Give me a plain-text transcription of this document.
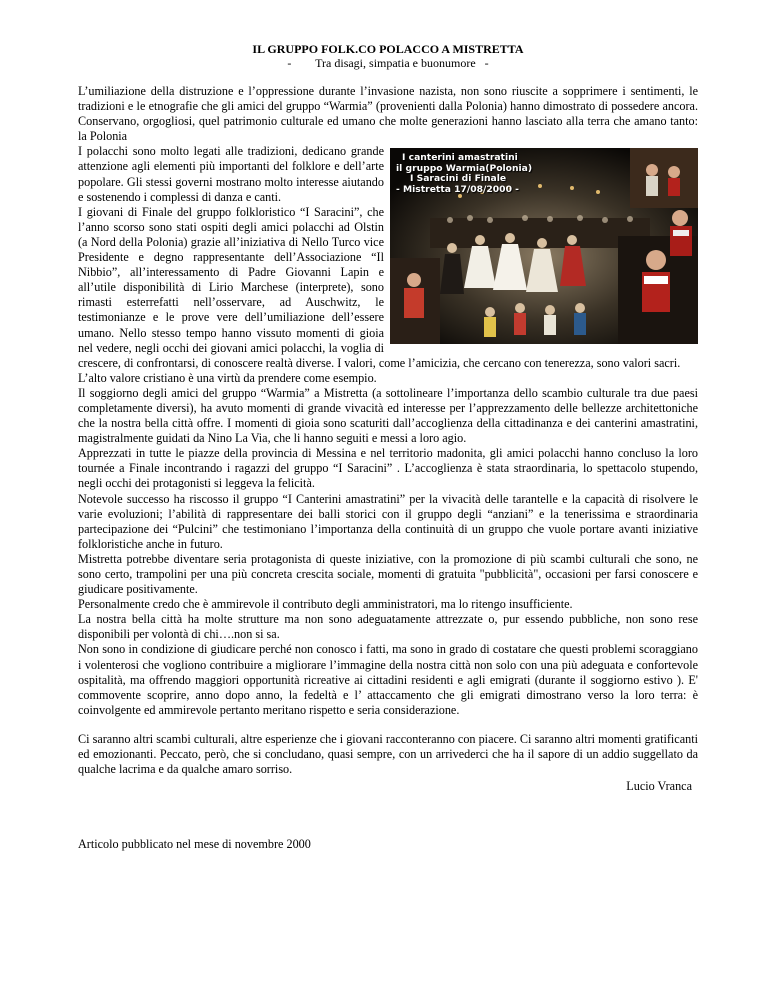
IL GRUPPO FOLK.CO POLACCO A MISTRETTA

-        Tra disagi, simpatia e buonumore   -

L’umiliazione della distruzione e l’oppressione durante l’invasione nazista, non sono riuscite a sopprimere i sentimenti, le tradizioni e le etnografie che gli amici del gruppo “Warmia” (provenienti dalla Polonia) hanno dimostrato di possedere ancora. Conservano, orgogliosi, quel patrimonio culturale ed umano che molte generazioni hanno lasciato alla terra che amano tanto: la Polonia

I canterini amastratini
il gruppo Warmia(Polonia)
I Saracini di Finale
- Mistretta 17/08/2000 -

I polacchi sono molto legati alle tradizioni, dedicano grande attenzione agli elementi più importanti del folklore e dell’arte popolare. Gli stessi governi mostrano molto interesse aiutando e sostenendo i complessi di danza e canti.

I giovani di Finale del gruppo folkloristico “I Saracini”, che l’anno scorso sono stati ospiti degli amici polacchi ad Olstin (a Nord della Polonia) grazie all’iniziativa di Nello Turco vice Presidente e degno rappresentante dell’Associazione “Il Nibbio”, all’interessamento di Padre Giovanni Lapin e all’utile disponibilità di Lirio Marchese (interprete), sono rimasti esterrefatti nell’osservare, ad Auschwitz, le testimonianze e le prove vere dell’umiliazione dell’essere umano. Nello stesso tempo hanno vissuto momenti di gioia nel vedere, negli occhi dei giovani amici polacchi, la voglia di crescere, di confrontarsi, di conoscere realtà diverse. I valori, come l’amicizia, che cercano con tenerezza, sono valori sacri.

L’alto valore cristiano è una virtù da prendere come esempio.

Il soggiorno degli amici del gruppo “Warmia” a Mistretta (a sottolineare l’importanza dello scambio culturale tra due paesi completamente diversi), ha avuto momenti di grande vivacità ed interesse per l’apprezzamento delle bellezze architettoniche che la nostra bella città offre. I momenti di gioia sono scaturiti dall’accoglienza della cittadinanza e dei canterini amastratini, magistralmente guidati da Nino La Via, che li hanno seguiti e messi a loro agio.

Apprezzati in tutte le piazze della provincia di Messina e nel territorio madonita, gli amici polacchi hanno concluso la loro tournée a Finale incontrando i ragazzi del gruppo “I Saracini” . L’accoglienza è stata straordinaria, lo spettacolo stupendo, negli occhi dei protagonisti si leggeva la felicità.

Notevole successo ha riscosso il gruppo “I Canterini amastratini” per la vivacità delle tarantelle e la capacità di risolvere le varie evoluzioni; l’abilità di rappresentare dei balli storici con il gruppo degli “anziani” e la tenerissima e straordinaria partecipazione dei “Pulcini” che testimoniano l’importanza della continuità di un gruppo che vuole portare avanti iniziative folkloristiche anche in futuro.

Mistretta potrebbe diventare seria protagonista di queste iniziative, con la promozione di più scambi culturali che sono, ne sono certo, trampolini per una più concreta crescita sociale, momenti di gratuita "pubblicità", occasioni per farsi conoscere e giudicare positivamente.

Personalmente credo che è ammirevole il contributo degli amministratori, ma lo ritengo insufficiente.

La nostra bella città ha molte strutture ma non sono adeguatamente attrezzate o, pur essendo pubbliche, non sono rese disponibili per volontà di chi….non si sa.

Non sono in condizione di giudicare perché non conosco i fatti, ma sono in grado di costatare che questi problemi scoraggiano i volenterosi che vogliono contribuire a migliorare l’immagine della nostra città non solo con una più adeguata e confortevole ospitalità, ma offrendo maggiori opportunità ricreative ai cittadini residenti e agli emigrati (durante il soggiorno estivo ). E' commovente scoprire, anno dopo anno, la fedeltà e l’ attaccamento che gli emigrati dimostrano verso la loro terra: è coinvolgente ed ammirevole pertanto meritano rispetto e seria considerazione.

Ci saranno altri scambi culturali, altre esperienze che i giovani racconteranno con piacere. Ci saranno altri momenti gratificanti ed emozionanti. Peccato, però, che si concludano, quasi sempre, con un arrivederci che ha il sapore di un addio suggellato da qualche lacrima e da qualche amaro sorriso.

Lucio Vranca

Articolo pubblicato nel mese di novembre 2000
